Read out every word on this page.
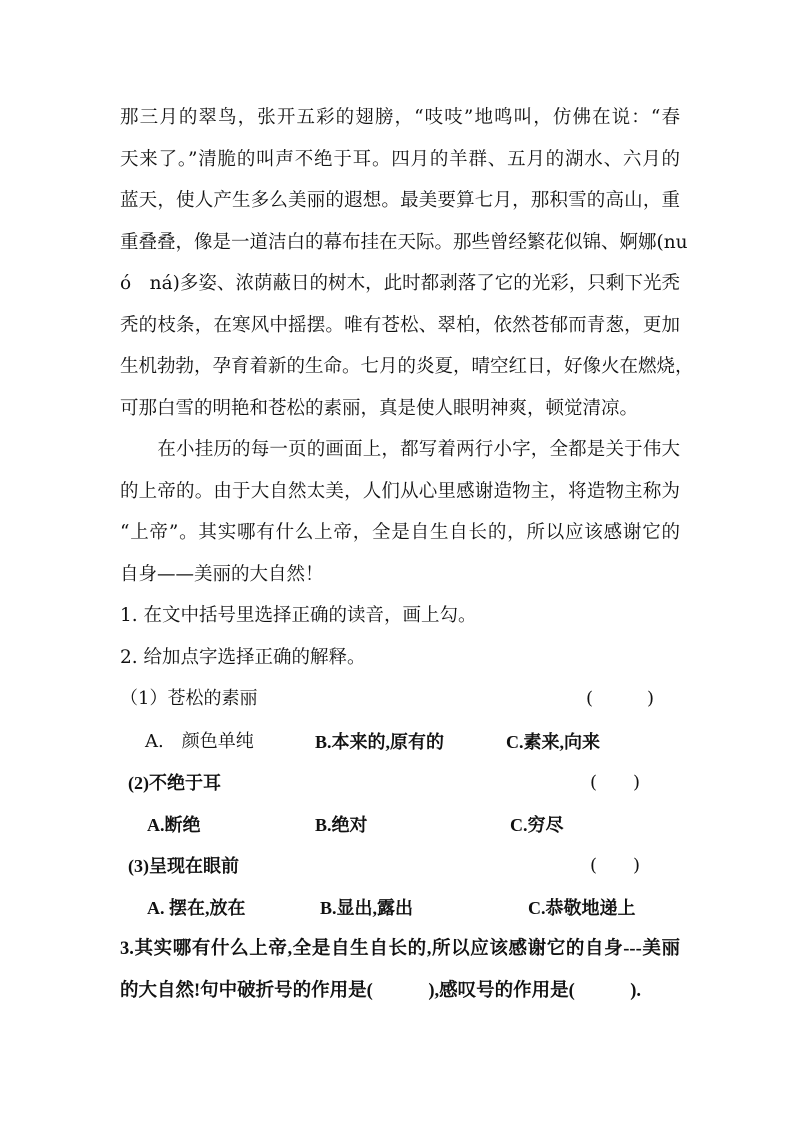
那三月的翠鸟，张开五彩的翅膀，“吱吱”地鸣叫，仿佛在说：“春
天来了。”清脆的叫声不绝于耳。四月的羊群、五月的湖水、六月的
蓝天，使人产生多么美丽的遐想。最美要算七月，那积雪的高山，重
重叠叠，像是一道洁白的幕布挂在天际。那些曾经繁花似锦、婀娜(nu
ó　ná)多姿、浓荫蔽日的树木，此时都剥落了它的光彩，只剩下光秃
秃的枝条，在寒风中摇摆。唯有苍松、翠柏，依然苍郁而青葱，更加
生机勃勃，孕育着新的生命。七月的炎夏，晴空红日，好像火在燃烧，
可那白雪的明艳和苍松的素丽，真是使人眼明神爽，顿觉清凉。
　　在小挂历的每一页的画面上，都写着两行小字，全都是关于伟大
的上帝的。由于大自然太美，人们从心里感谢造物主，将造物主称为
“上帝”。其实哪有什么上帝，全是自生自长的，所以应该感谢它的
自身——美丽的大自然！
1. 在文中括号里选择正确的读音，画上勾。
2. 给加点字选择正确的解释。
（1）苍松的素丽	(　　　)
A.　颜色单纯	B.本来的,原有的	C.素来,向来
(2)不绝于耳	(　　)
A.断绝	B.绝对	C.穷尽
(3)呈现在眼前	(　　)
A. 摆在,放在	B.显出,露出	C.恭敬地递上
3.其实哪有什么上帝,全是自生自长的,所以应该感谢它的自身---美丽
的大自然!句中破折号的作用是(　　　),感叹号的作用是(　　　).
